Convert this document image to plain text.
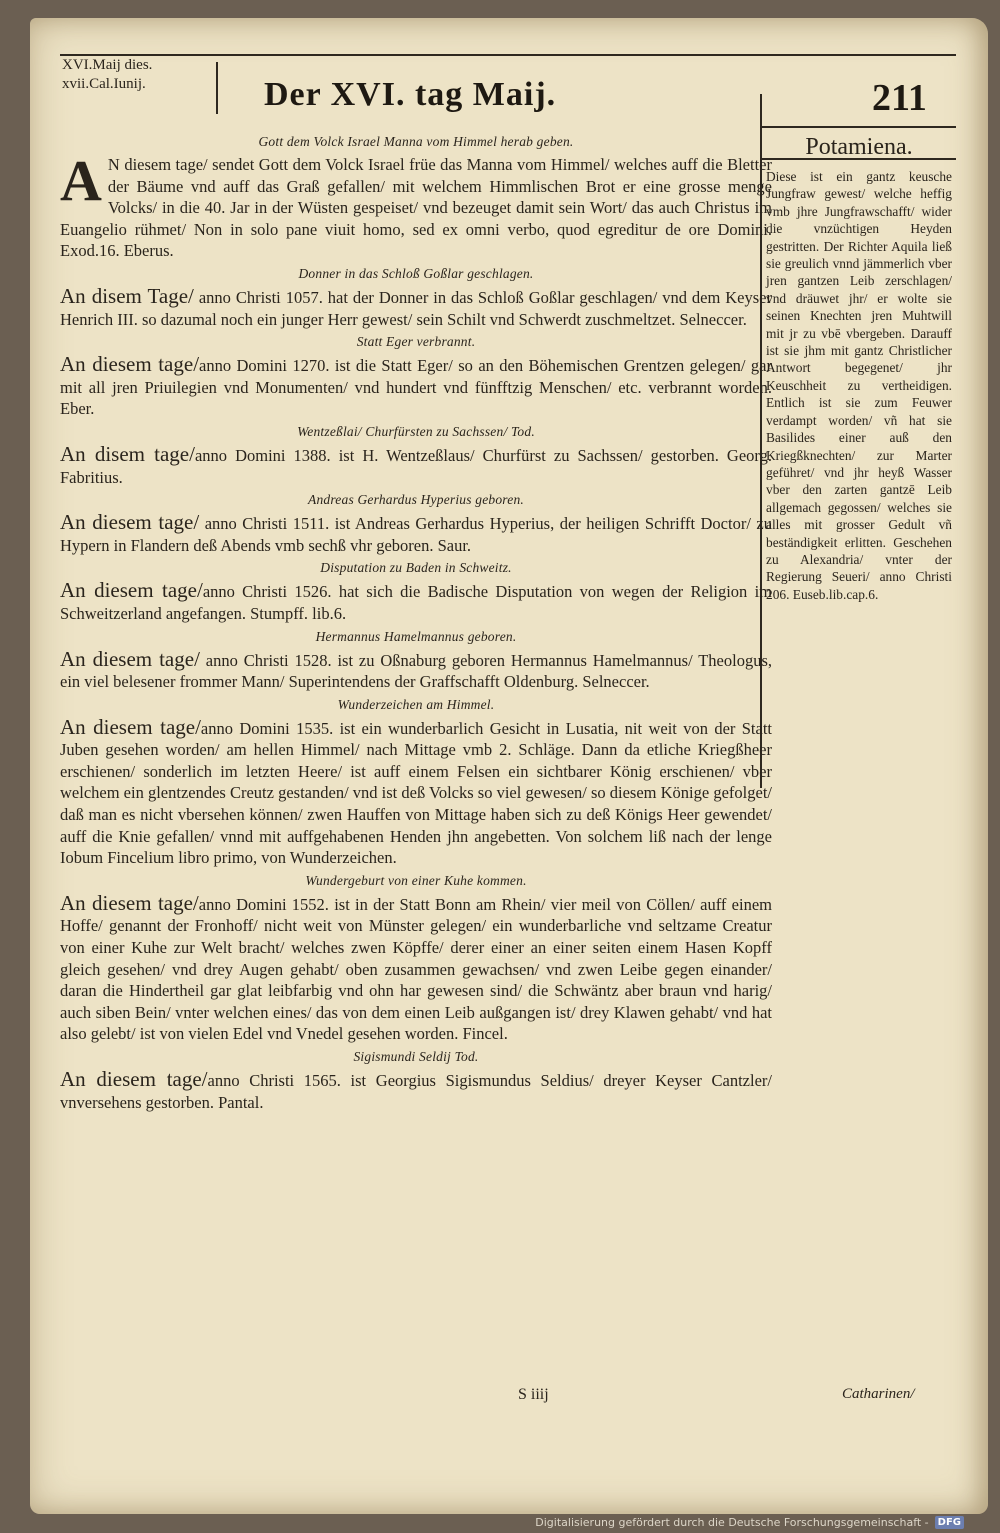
XVI.Maij dies.
xvii.Cal.Iunij.	Der XVI. tag Maij.	211
Gott dem Volck Israel Manna vom Himmel herab geben.

A N diesem tage/ sendet Gott dem Volck Israel früe das Manna vom Himmel/ welches auff die Bletter der Bäume vnd auff das Graß gefallen/ mit welchem Himmlischen Brot er eine grosse menge Volcks/ in die 40. Jar in der Wüsten gespeiset/ vnd bezeuget damit sein Wort/ das auch Christus im Euangelio rühmet/ Non in solo pane viuit homo, sed ex omni verbo, quod egreditur de ore Domini. Exod.16. Eberus.

Donner in das Schloß Goßlar geschlagen.

An disem Tage/ anno Christi 1057. hat der Donner in das Schloß Goßlar geschlagen/ vnd dem Keyser Henrich III. so dazumal noch ein junger Herr gewest/ sein Schilt vnd Schwerdt zuschmeltzet. Selneccer.

Statt Eger verbrannt.

An diesem tage/anno Domini 1270. ist die Statt Eger/ so an den Böhemischen Grentzen gelegen/ gar mit all jren Priuilegien vnd Monumenten/ vnd hundert vnd fünfftzig Menschen/ etc. verbrannt worden. Eber.

Wentzeßlai/ Churfürsten zu Sachssen/ Tod.

An disem tage/anno Domini 1388. ist H. Wentzeßlaus/ Churfürst zu Sachssen/ gestorben. Georg. Fabritius.

Andreas Gerhardus Hyperius geboren.

An diesem tage/ anno Christi 1511. ist Andreas Gerhardus Hyperius, der heiligen Schrifft Doctor/ zu Hypern in Flandern deß Abends vmb sechß vhr geboren. Saur.

Disputation zu Baden in Schweitz.

An diesem tage/anno Christi 1526. hat sich die Badische Disputation von wegen der Religion im Schweitzerland angefangen. Stumpff. lib.6.

Hermannus Hamelmannus geboren.

An diesem tage/ anno Christi 1528. ist zu Oßnaburg geboren Hermannus Hamelmannus/ Theologus, ein viel belesener frommer Mann/ Superintendens der Graffschafft Oldenburg. Selneccer.

Wunderzeichen am Himmel.

An diesem tage/anno Domini 1535. ist ein wunderbarlich Gesicht in Lusatia, nit weit von der Statt Juben gesehen worden/ am hellen Himmel/ nach Mittage vmb 2. Schläge. Dann da etliche Kriegßheer erschienen/ sonderlich im letzten Heere/ ist auff einem Felsen ein sichtbarer König erschienen/ vber welchem ein glentzendes Creutz gestanden/ vnd ist deß Volcks so viel gewesen/ so diesem Könige gefolget/ daß man es nicht vbersehen können/ zwen Hauffen von Mittage haben sich zu deß Königs Heer gewendet/ auff die Knie gefallen/ vnnd mit auffgehabenen Henden jhn angebetten. Von solchem liß nach der lenge Iobum Fincelium libro primo, von Wunderzeichen.

Wundergeburt von einer Kuhe kommen.

An diesem tage/anno Domini 1552. ist in der Statt Bonn am Rhein/ vier meil von Cöllen/ auff einem Hoffe/ genannt der Fronhoff/ nicht weit von Münster gelegen/ ein wunderbarliche vnd seltzame Creatur von einer Kuhe zur Welt bracht/ welches zwen Köpffe/ derer einer an einer seiten einem Hasen Kopff gleich gesehen/ vnd drey Augen gehabt/ oben zusammen gewachsen/ vnd zwen Leibe gegen einander/ daran die Hindertheil gar glat leibfarbig vnd ohn har gewesen sind/ die Schwäntz aber braun vnd harig/ auch siben Bein/ vnter welchen eines/ das von dem einen Leib außgangen ist/ drey Klawen gehabt/ vnd hat also gelebt/ ist von vielen Edel vnd Vnedel gesehen worden. Fincel.

Sigismundi Seldij Tod.

An diesem tage/anno Christi 1565. ist Georgius Sigismundus Seldius/ dreyer Keyser Cantzler/ vnversehens gestorben. Pantal.

Potamiena.
Diese ist ein gantz keusche Jungfraw gewest/ welche heffig vmb jhre Jungfrawschafft/ wider die vnzüchtigen Heyden gestritten. Der Richter Aquila ließ sie greulich vnnd jämmerlich vber jren gantzen Leib zerschlagen/ vnd dräuwet jhr/ er wolte sie seinen Knechten jren Muhtwill mit jr zu vbē vbergeben. Darauff ist sie jhm mit gantz Christlicher Antwort begegenet/ jhr Keuschheit zu vertheidigen. Entlich ist sie zum Feuwer verdampt worden/ vñ hat sie Basilides einer auß den Kriegßknechten/ zur Marter geführet/ vnd jhr heyß Wasser vber den zarten gantzē Leib allgemach gegossen/ welches sie alles mit grosser Gedult vñ beständigkeit erlitten. Geschehen zu Alexandria/ vnter der Regierung Seueri/ anno Christi 206. Euseb.lib.cap.6.
S iiij	Catharinen/
Digitalisierung gefördert durch die Deutsche Forschungsgemeinschaft - DFG
